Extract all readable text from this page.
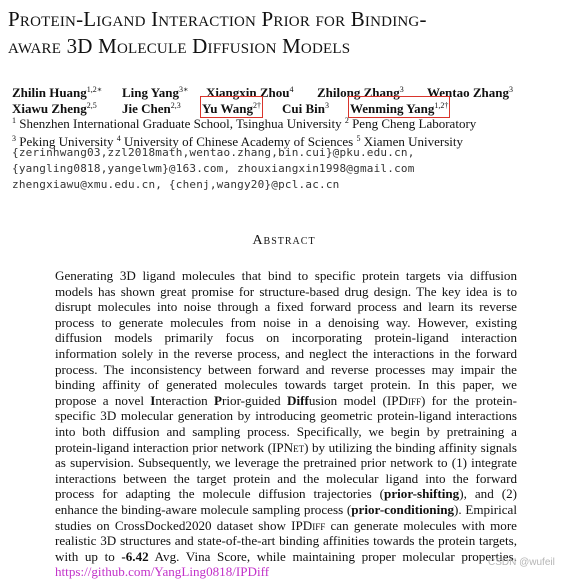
Protein-Ligand Interaction Prior for Binding-
aware 3D Molecule Diffusion Models
Zhilin Huang$^{1,2∗}$ Ling Yang$^{3∗}$ Xiangxin Zhou$^4$ Zhilong Zhang$^3$ Wentao Zhang$^3$
Xiawu Zheng$^{2,5}$ Jie Chen$^{2,3}$ Yu Wang$^{2\dagger}$ Cui Bin$^3$ Wenming Yang$^{1,2\dagger}$
$^1$ Shenzhen International Graduate School, Tsinghua University $^2$ Peng Cheng Laboratory
$^3$ Peking University $^4$ University of Chinese Academy of Sciences $^5$ Xiamen University
{zerinhwang03,zzl2018math,wentao.zhang,bin.cui}@pku.edu.cn,
{yangling0818,yangelwm}@163.com, zhouxiangxin1998@gmail.com
zhengxiawu@xmu.edu.cn, {chenj,wangy20}@pcl.ac.cn
Abstract
Generating 3D ligand molecules that bind to specific protein targets via diffusion models has shown great promise for structure-based drug design. The key idea is to disrupt molecules into noise through a fixed forward process and learn its reverse process to generate molecules from noise in a denoising way. However, existing diffusion models primarily focus on incorporating protein-ligand interaction information solely in the reverse process, and neglect the interactions in the forward process. The inconsistency between forward and reverse processes may impair the binding affinity of generated molecules towards target protein. In this paper, we propose a novel Interaction Prior-guided Diffusion model (IPDiff) for the protein-specific 3D molecular generation by introducing geometric protein-ligand interactions into both diffusion and sampling process. Specifically, we begin by pretraining a protein-ligand interaction prior network (IPNet) by utilizing the binding affinity signals as supervision. Subsequently, we leverage the pretrained prior network to (1) integrate interactions between the target protein and the molecular ligand into the forward process for adapting the molecule diffusion trajectories (prior-shifting), and (2) enhance the binding-aware molecule sampling process (prior-conditioning). Empirical studies on CrossDocked2020 dataset show IPDiff can generate molecules with more realistic 3D structures and state-of-the-art binding affinities towards the protein targets, with up to -6.42 Avg. Vina Score, while maintaining proper molecular properties. https://github.com/YangLing0818/IPDiff
CSDN @wufeil
